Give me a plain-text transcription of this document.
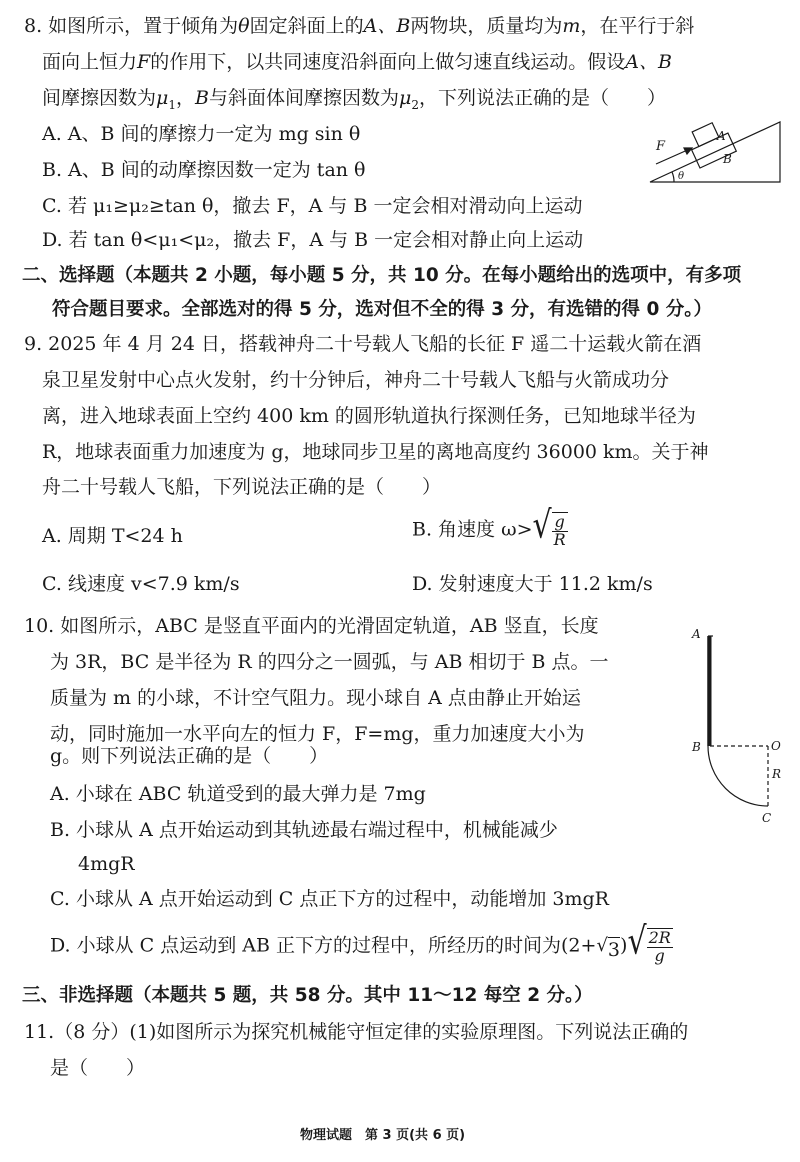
8. 如图所示，置于倾角为θ固定斜面上的A、B两物块，质量均为m，在平行于斜
面向上恒力F的作用下，以共同速度沿斜面向上做匀速直线运动。假设A、B
间摩擦因数为$\mu_1$，B与斜面体间摩擦因数为$\mu_2$，下列说法正确的是（　　）
A. A、B 间的摩擦力一定为 mg sin θ
B. A、B 间的动摩擦因数一定为 tan θ
C. 若 μ₁≥μ₂≥tan θ，撤去 F，A 与 B 一定会相对滑动向上运动
D. 若 tan θ<μ₁<μ₂，撤去 F，A 与 B 一定会相对静止向上运动
F
A
B
θ
二、选择题（本题共 2 小题，每小题 5 分，共 10 分。在每小题给出的选项中，有多项
符合题目要求。全部选对的得 5 分，选对但不全的得 3 分，有选错的得 0 分。）
9. 2025 年 4 月 24 日，搭载神舟二十号载人飞船的长征 F 遥二十运载火箭在酒
泉卫星发射中心点火发射，约十分钟后，神舟二十号载人飞船与火箭成功分
离，进入地球表面上空约 400 km 的圆形轨道执行探测任务，已知地球半径为
R，地球表面重力加速度为 g，地球同步卫星的离地高度约 36000 km。关于神
舟二十号载人飞船，下列说法正确的是（　　）
A. 周期 T<24 h	B. 角速度 ω> √ $\frac{g}{R}$
C. 线速度 v<7.9 km/s	D. 发射速度大于 11.2 km/s
10. 如图所示，ABC 是竖直平面内的光滑固定轨道，AB 竖直，长度
为 3R，BC 是半径为 R 的四分之一圆弧，与 AB 相切于 B 点。一
质量为 m 的小球，不计空气阻力。现小球自 A 点由静止开始运
动，同时施加一水平向左的恒力 F，F=mg，重力加速度大小为
g。则下列说法正确的是（　　）
A. 小球在 ABC 轨道受到的最大弹力是 7mg
B. 小球从 A 点开始运动到其轨迹最右端过程中，机械能减少
4mgR
C. 小球从 A 点开始运动到 C 点正下方的过程中，动能增加 3mgR
D. 小球从 C 点运动到 AB 正下方的过程中，所经历的时间为(2+ √ 3 ) √ $\frac{2R}{g}$
A
B	O
R
C
三、非选择题（本题共 5 题，共 58 分。其中 11～12 每空 2 分。）
11.（8 分）(1)如图所示为探究机械能守恒定律的实验原理图。下列说法正确的
是（　　）
物理试题　第 3 页(共 6 页)
